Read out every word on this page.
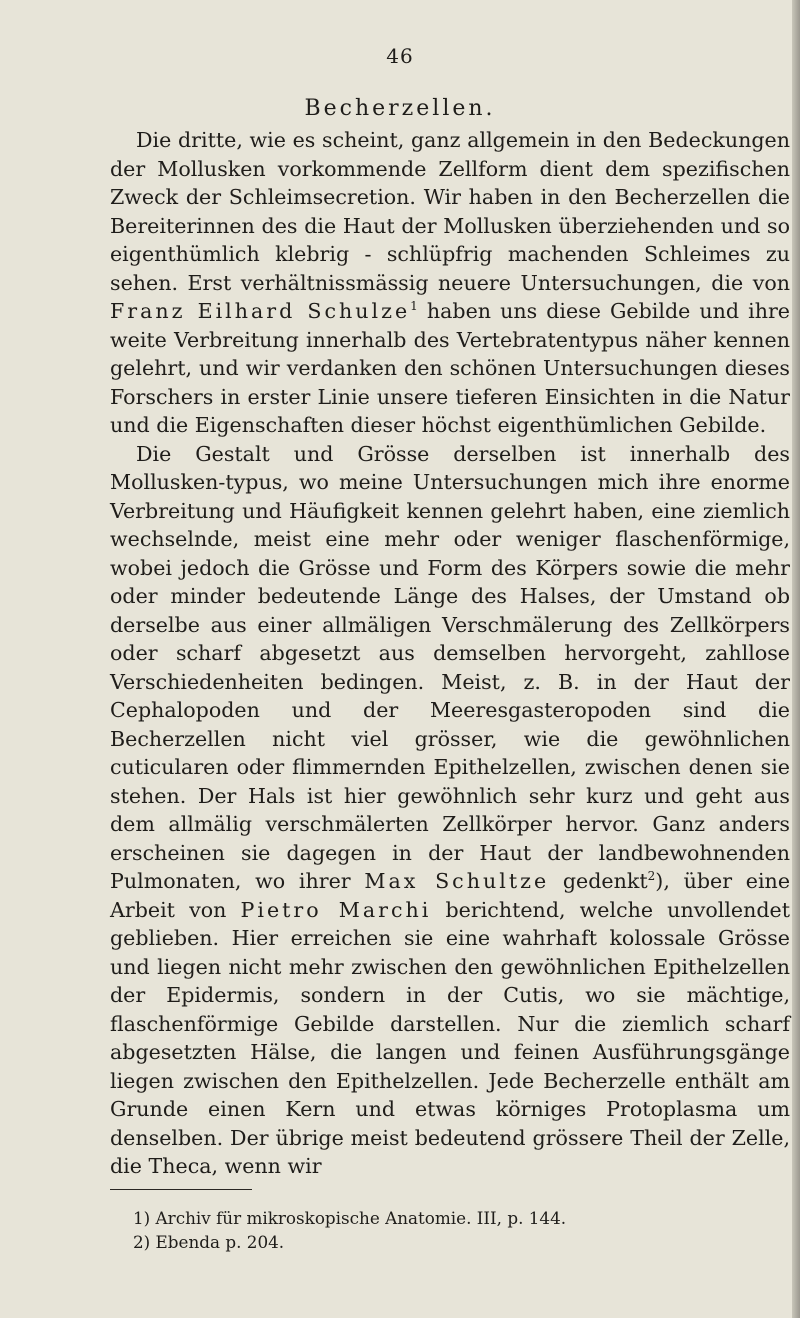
46
Becherzellen.

Die dritte, wie es scheint, ganz allgemein in den Bedeckungen der Mollusken vorkommende Zellform dient dem spezifischen Zweck der Schleimsecretion. Wir haben in den Becherzellen die Bereiterinnen des die Haut der Mollusken überziehenden und so eigenthümlich klebrig - schlüpfrig machenden Schleimes zu sehen. Erst verhältnissmässig neuere Untersuchungen, die von Franz Eilhard Schulze$^1$ haben uns diese Gebilde und ihre weite Verbreitung innerhalb des Vertebratentypus näher kennen gelehrt, und wir verdanken den schönen Untersuchungen dieses Forschers in erster Linie unsere tieferen Einsichten in die Natur und die Eigenschaften dieser höchst eigenthümlichen Gebilde.

Die Gestalt und Grösse derselben ist innerhalb des Mollusken-typus, wo meine Untersuchungen mich ihre enorme Verbreitung und Häufigkeit kennen gelehrt haben, eine ziemlich wechselnde, meist eine mehr oder weniger flaschenförmige, wobei jedoch die Grösse und Form des Körpers sowie die mehr oder minder bedeutende Länge des Halses, der Umstand ob derselbe aus einer allmäligen Verschmälerung des Zellkörpers oder scharf abgesetzt aus demselben hervorgeht, zahllose Verschiedenheiten bedingen. Meist, z. B. in der Haut der Cephalopoden und der Meeresgasteropoden sind die Becherzellen nicht viel grösser, wie die gewöhnlichen cuticularen oder flimmernden Epithelzellen, zwischen denen sie stehen. Der Hals ist hier gewöhnlich sehr kurz und geht aus dem allmälig verschmälerten Zellkörper hervor. Ganz anders erscheinen sie dagegen in der Haut der landbewohnenden Pulmonaten, wo ihrer Max Schultze gedenkt$^2$), über eine Arbeit von Pietro Marchi berichtend, welche unvollendet geblieben. Hier erreichen sie eine wahrhaft kolossale Grösse und liegen nicht mehr zwischen den gewöhnlichen Epithelzellen der Epidermis, sondern in der Cutis, wo sie mächtige, flaschenförmige Gebilde darstellen. Nur die ziemlich scharf abgesetzten Hälse, die langen und feinen Ausführungsgänge liegen zwischen den Epithelzellen. Jede Becherzelle enthält am Grunde einen Kern und etwas körniges Protoplasma um denselben. Der übrige meist bedeutend grössere Theil der Zelle, die Theca, wenn wir

1) Archiv für mikroskopische Anatomie. III, p. 144.
2) Ebenda p. 204.
